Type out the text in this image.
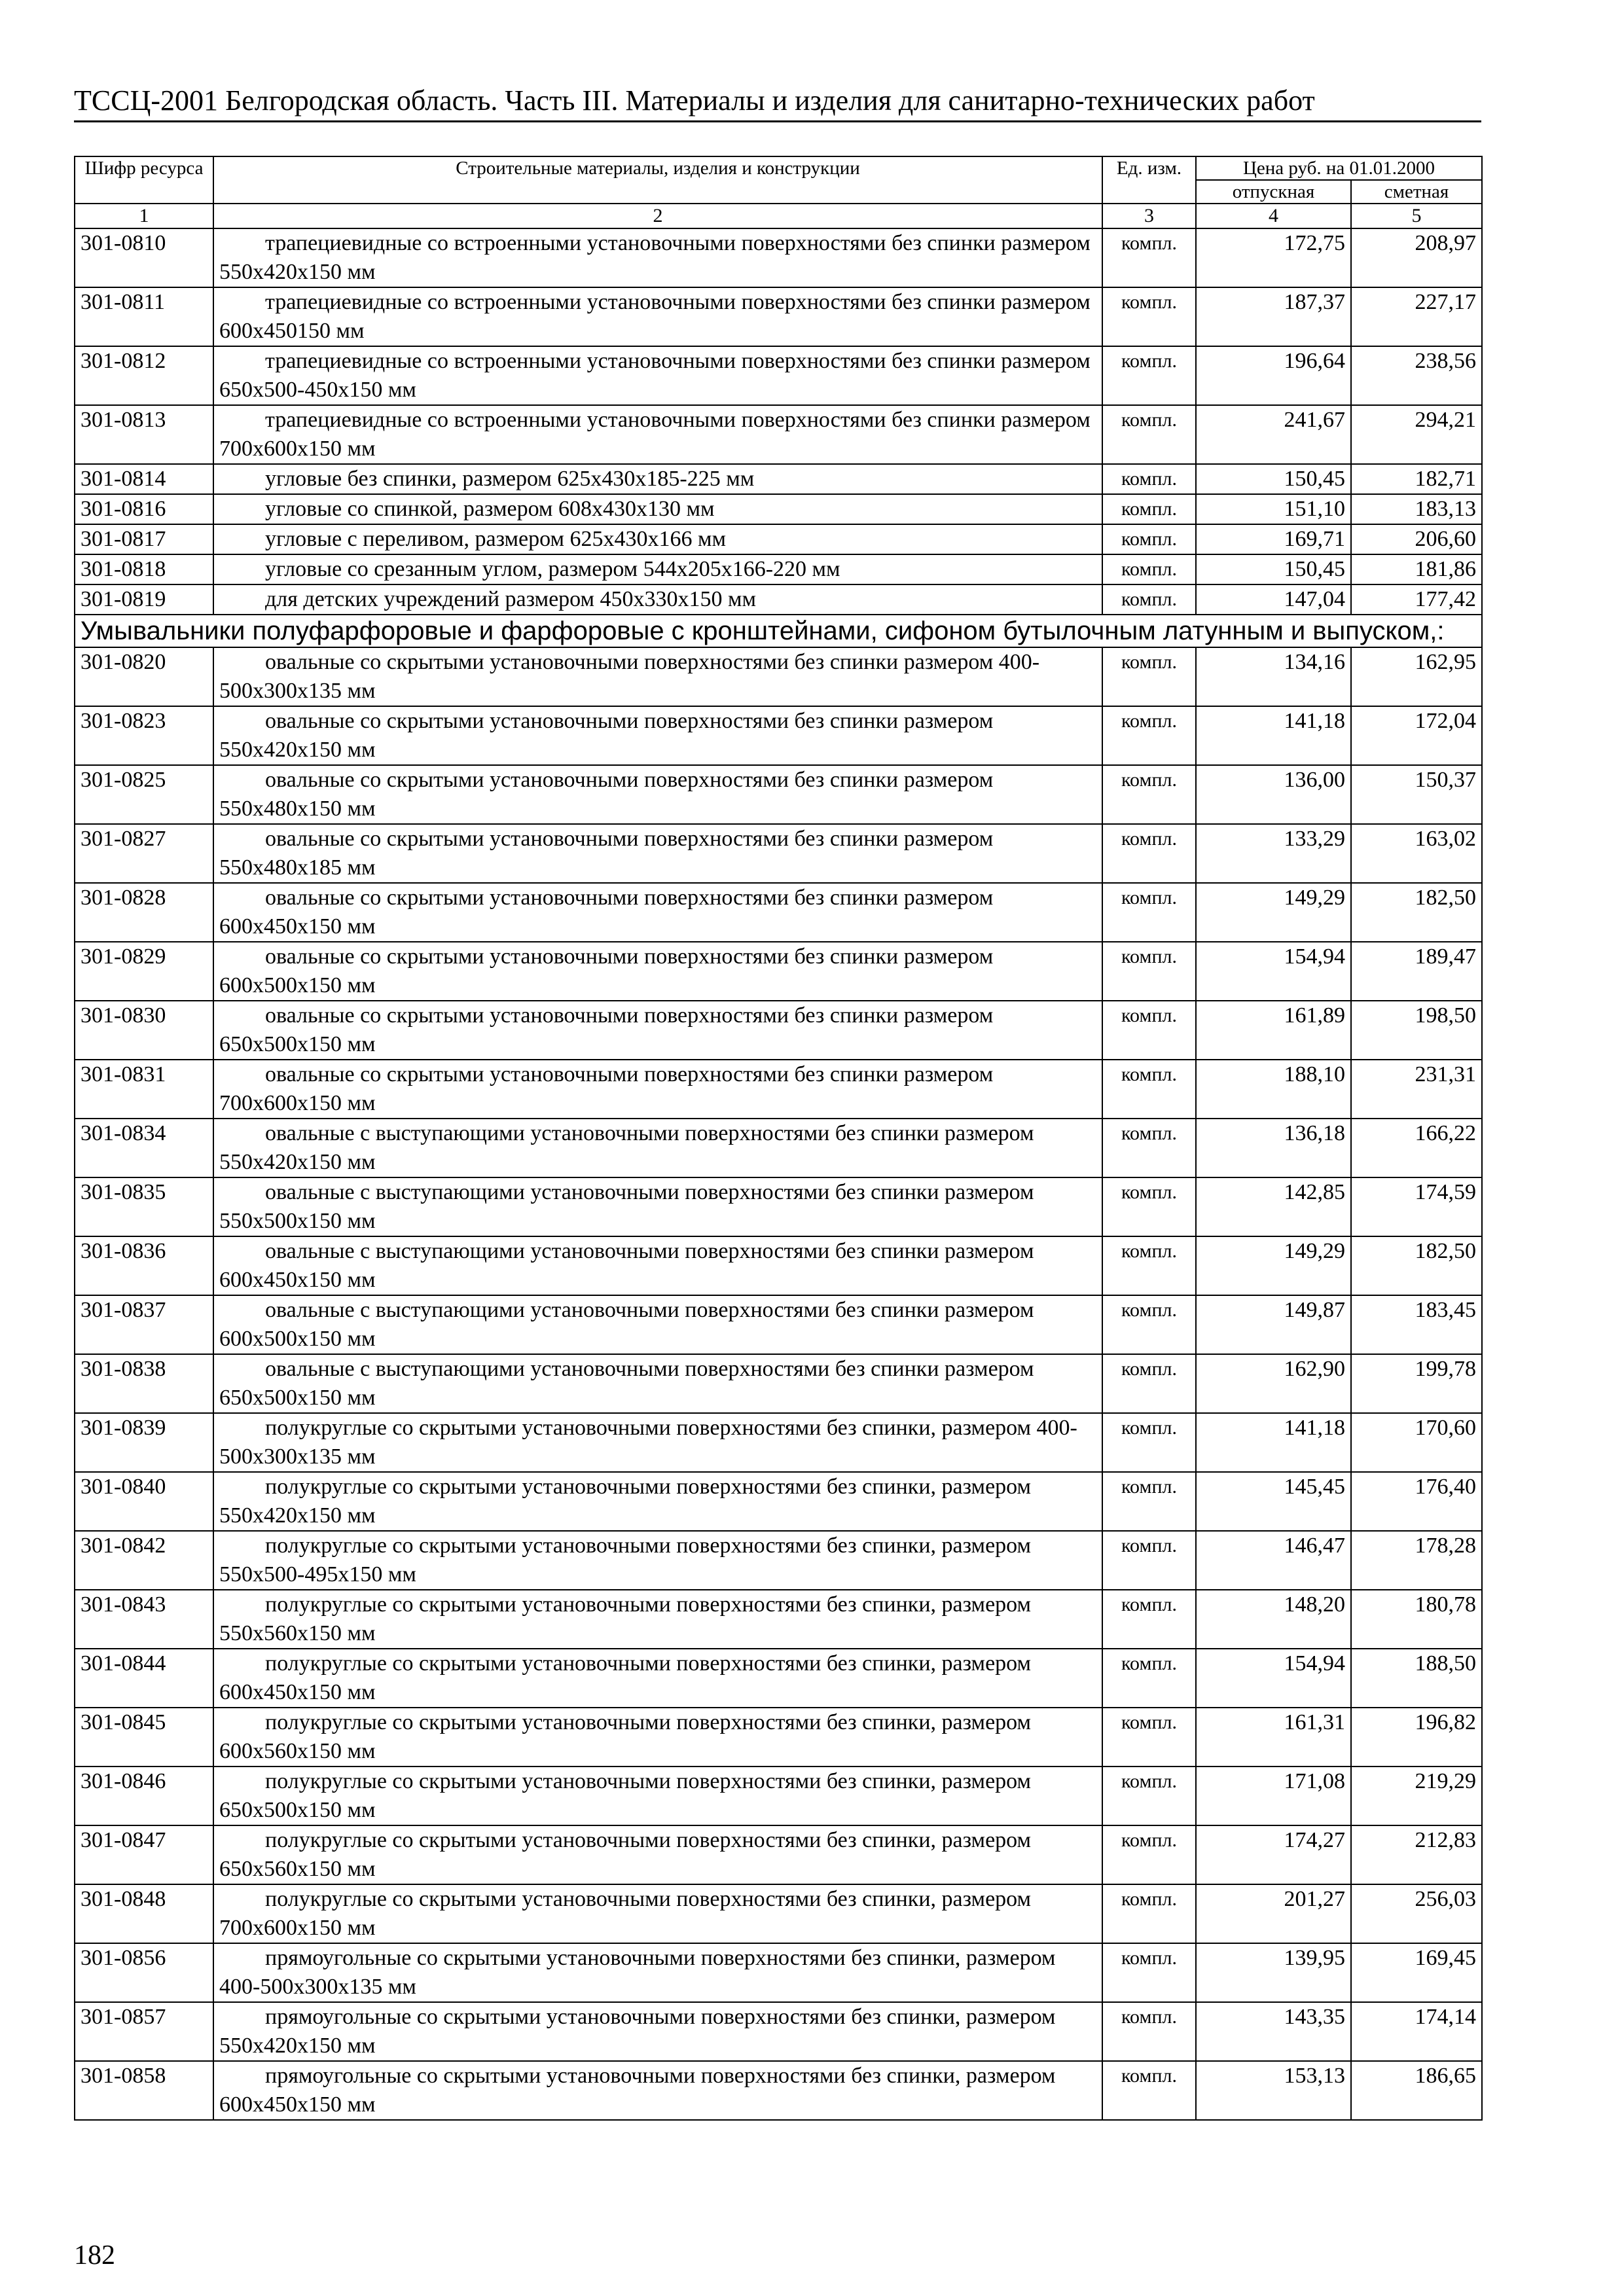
ТССЦ-2001 Белгородская область. Часть III. Материалы и изделия для санитарно-технических работ
Шифр ресурса	Строительные материалы, изделия и конструкции	Ед. изм.	Цена руб. на 01.01.2000	
			отпускная	сметная
1	2	3	4	5
301-0810	трапециевидные со встроенными установочными поверхностями без спинки размером 550x420x150 мм	компл.	172,75	208,97
301-0811	трапециевидные со встроенными установочными поверхностями без спинки размером 600x450150 мм	компл.	187,37	227,17
301-0812	трапециевидные со встроенными установочными поверхностями без спинки размером 650x500-450x150 мм	компл.	196,64	238,56
301-0813	трапециевидные со встроенными установочными поверхностями без спинки размером 700x600x150 мм	компл.	241,67	294,21
301-0814	угловые без спинки, размером 625x430x185-225 мм	компл.	150,45	182,71
301-0816	угловые со спинкой, размером 608x430x130 мм	компл.	151,10	183,13
301-0817	угловые с переливом, размером 625x430x166 мм	компл.	169,71	206,60
301-0818	угловые со срезанным углом, размером 544x205x166-220 мм	компл.	150,45	181,86
301-0819	для детских учреждений размером 450x330x150 мм	компл.	147,04	177,42
Умывальники полуфарфоровые и фарфоровые с кронштейнами, сифоном бутылочным латунным и выпуском,:				
301-0820	овальные со скрытыми установочными поверхностями без спинки размером 400-500x300x135 мм	компл.	134,16	162,95
301-0823	овальные со скрытыми установочными поверхностями без спинки размером 550x420x150 мм	компл.	141,18	172,04
301-0825	овальные со скрытыми установочными поверхностями без спинки размером 550x480x150 мм	компл.	136,00	150,37
301-0827	овальные со скрытыми установочными поверхностями без спинки размером 550x480x185 мм	компл.	133,29	163,02
301-0828	овальные со скрытыми установочными поверхностями без спинки размером 600x450x150 мм	компл.	149,29	182,50
301-0829	овальные со скрытыми установочными поверхностями без спинки размером 600x500x150 мм	компл.	154,94	189,47
301-0830	овальные со скрытыми установочными поверхностями без спинки размером 650x500x150 мм	компл.	161,89	198,50
301-0831	овальные со скрытыми установочными поверхностями без спинки размером 700x600x150 мм	компл.	188,10	231,31
301-0834	овальные с выступающими установочными поверхностями без спинки размером 550x420x150 мм	компл.	136,18	166,22
301-0835	овальные с выступающими установочными поверхностями без спинки размером 550x500x150 мм	компл.	142,85	174,59
301-0836	овальные с выступающими установочными поверхностями без спинки размером 600x450x150 мм	компл.	149,29	182,50
301-0837	овальные с выступающими установочными поверхностями без спинки размером 600x500x150 мм	компл.	149,87	183,45
301-0838	овальные с выступающими установочными поверхностями без спинки размером 650x500x150 мм	компл.	162,90	199,78
301-0839	полукруглые со скрытыми установочными поверхностями без спинки, размером 400-500x300x135 мм	компл.	141,18	170,60
301-0840	полукруглые со скрытыми установочными поверхностями без спинки, размером 550x420x150 мм	компл.	145,45	176,40
301-0842	полукруглые со скрытыми установочными поверхностями без спинки, размером 550x500-495x150 мм	компл.	146,47	178,28
301-0843	полукруглые со скрытыми установочными поверхностями без спинки, размером 550x560x150 мм	компл.	148,20	180,78
301-0844	полукруглые со скрытыми установочными поверхностями без спинки, размером 600x450x150 мм	компл.	154,94	188,50
301-0845	полукруглые со скрытыми установочными поверхностями без спинки, размером 600x560x150 мм	компл.	161,31	196,82
301-0846	полукруглые со скрытыми установочными поверхностями без спинки, размером 650x500x150 мм	компл.	171,08	219,29
301-0847	полукруглые со скрытыми установочными поверхностями без спинки, размером 650x560x150 мм	компл.	174,27	212,83
301-0848	полукруглые со скрытыми установочными поверхностями без спинки, размером 700x600x150 мм	компл.	201,27	256,03
301-0856	прямоугольные со скрытыми установочными поверхностями без спинки, размером 400-500x300x135 мм	компл.	139,95	169,45
301-0857	прямоугольные со скрытыми установочными поверхностями без спинки, размером 550x420x150 мм	компл.	143,35	174,14
301-0858	прямоугольные со скрытыми установочными поверхностями без спинки, размером 600x450x150 мм	компл.	153,13	186,65
182
